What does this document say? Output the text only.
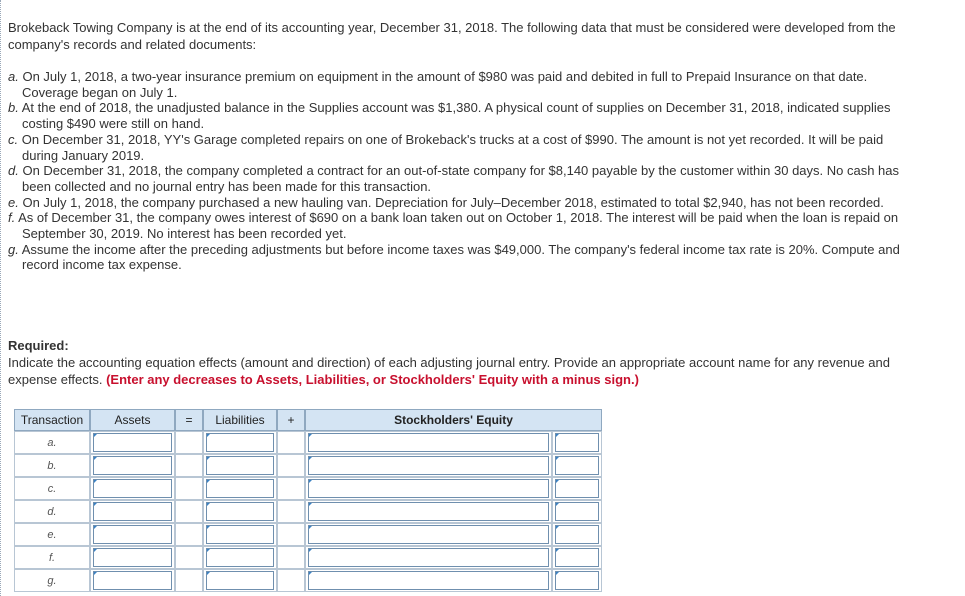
Brokeback Towing Company is at the end of its accounting year, December 31, 2018. The following data that must be considered were developed from the company's records and related documents:

a. On July 1, 2018, a two-year insurance premium on equipment in the amount of $980 was paid and debited in full to Prepaid Insurance on that date. Coverage began on July 1.

b. At the end of 2018, the unadjusted balance in the Supplies account was $1,380. A physical count of supplies on December 31, 2018, indicated supplies costing $490 were still on hand.

c. On December 31, 2018, YY's Garage completed repairs on one of Brokeback's trucks at a cost of $990. The amount is not yet recorded. It will be paid during January 2019.

d. On December 31, 2018, the company completed a contract for an out-of-state company for $8,140 payable by the customer within 30 days. No cash has been collected and no journal entry has been made for this transaction.

e. On July 1, 2018, the company purchased a new hauling van. Depreciation for July–December 2018, estimated to total $2,940, has not been recorded.

f. As of December 31, the company owes interest of $690 on a bank loan taken out on October 1, 2018. The interest will be paid when the loan is repaid on September 30, 2019. No interest has been recorded yet.

g. Assume the income after the preceding adjustments but before income taxes was $49,000. The company's federal income tax rate is 20%. Compute and record income tax expense.

Required:
Indicate the accounting equation effects (amount and direction) of each adjusting journal entry. Provide an appropriate account name for any revenue and expense effects. (Enter any decreases to Assets, Liabilities, or Stockholders' Equity with a minus sign.)
Transaction	Assets	=	Liabilities	+	Stockholders' Equity	
a.	

b.	

c.	

d.	

e.	

f.	

g.	
